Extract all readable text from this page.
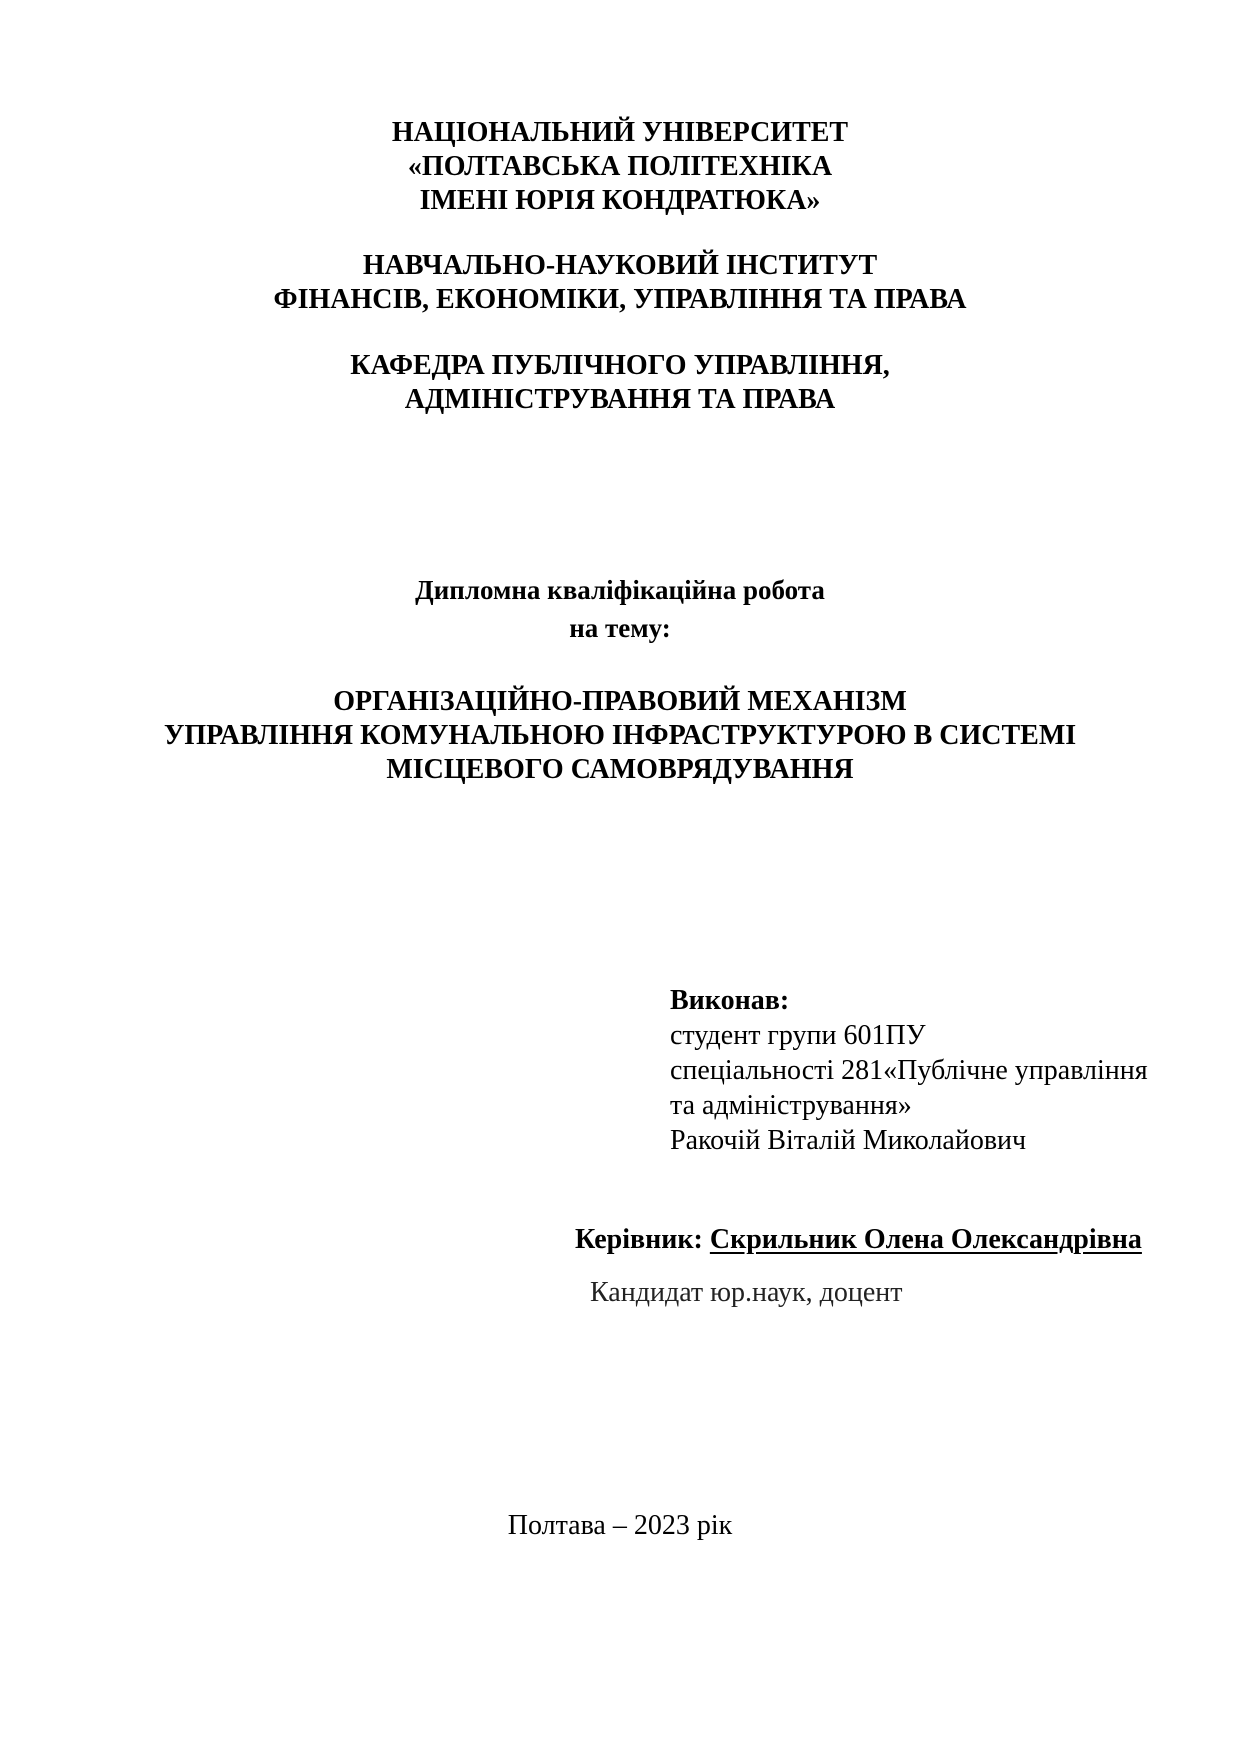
НАЦІОНАЛЬНИЙ УНІВЕРСИТЕТ
«ПОЛТАВСЬКА ПОЛІТЕХНІКА
ІМЕНІ ЮРІЯ КОНДРАТЮКА»
НАВЧАЛЬНО-НАУКОВИЙ ІНСТИТУТ
ФІНАНСІВ, ЕКОНОМІКИ, УПРАВЛІННЯ ТА ПРАВА
КАФЕДРА ПУБЛІЧНОГО УПРАВЛІННЯ,
АДМІНІСТРУВАННЯ ТА ПРАВА
Дипломна кваліфікаційна робота
на тему:
ОРГАНІЗАЦІЙНО-ПРАВОВИЙ МЕХАНІЗМ
УПРАВЛІННЯ КОМУНАЛЬНОЮ ІНФРАСТРУКТУРОЮ В СИСТЕМІ
МІСЦЕВОГО САМОВРЯДУВАННЯ
Виконав:
студент групи 601ПУ
спеціальності 281«Публічне управління
та адміністрування»
Ракочій Віталій Миколайович
Керівник: Скрильник Олена Олександрівна
Кандидат юр.наук, доцент
Полтава – 2023 рік
